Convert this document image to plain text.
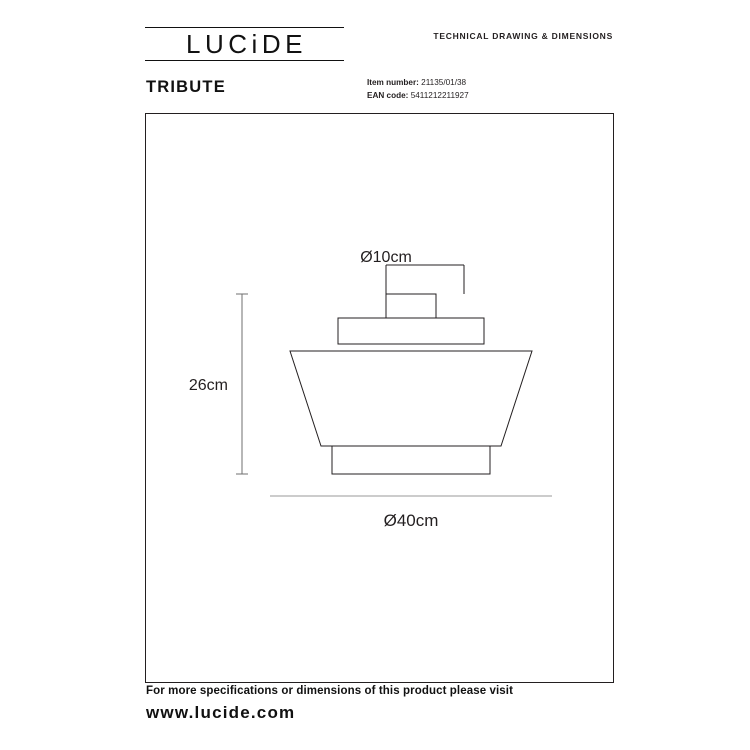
LUCiDE	TECHNICAL DRAWING & DIMENSIONS
TRIBUTE	Item number: 21135/01/38
EAN code: 5411212211927
Ø10cm
26cm
Ø40cm
For more specifications or dimensions of this product please visit
www.lucide.com
